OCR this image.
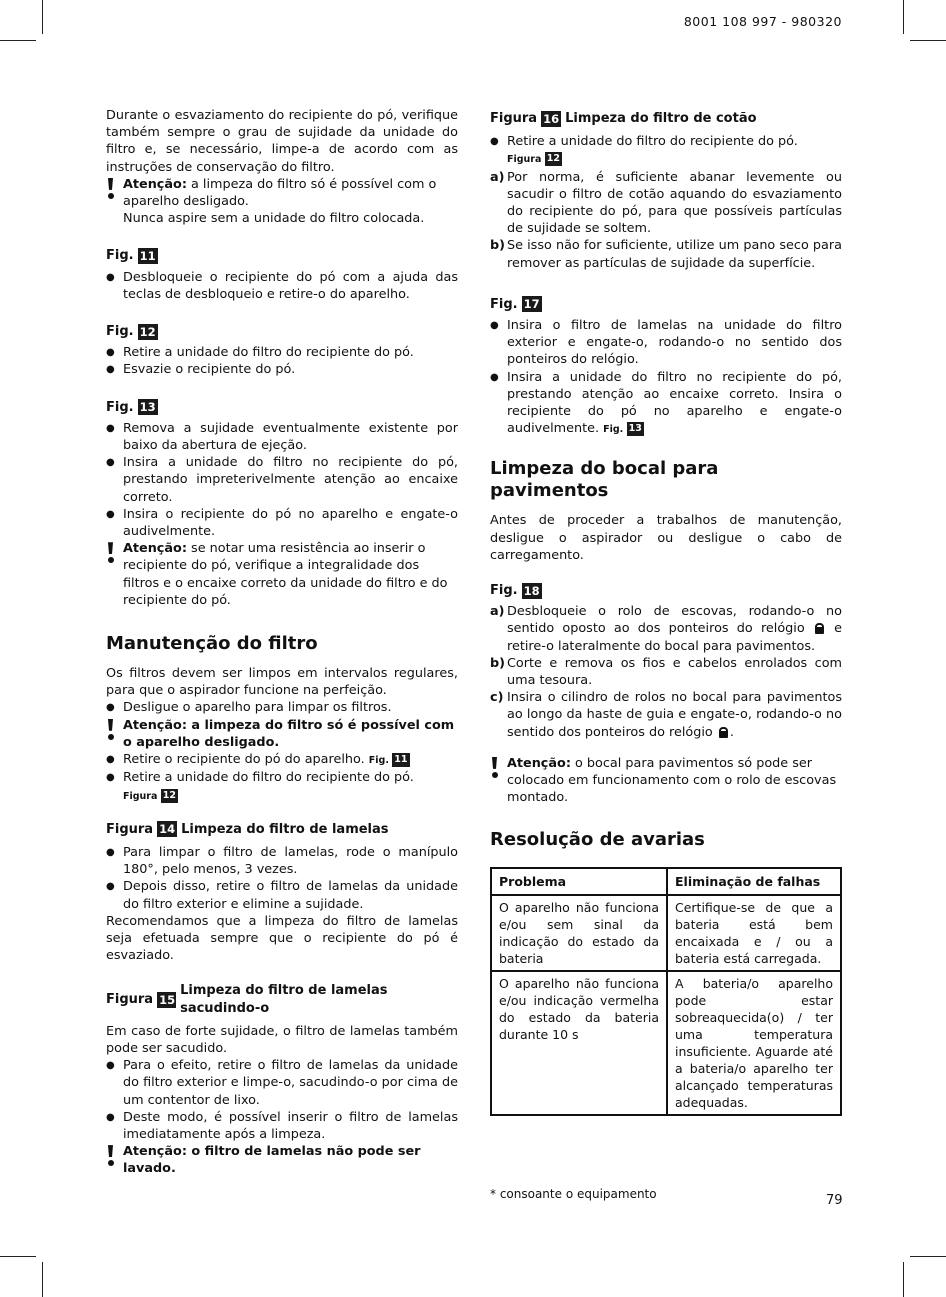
8001 108 997 - 980320

Durante o esvaziamento do recipiente do pó, verifique também sempre o grau de sujidade da unidade do filtro e, se necessário, limpe-a de acordo com as instruções de conservação do filtro.

Atenção: a limpeza do filtro só é possível com o aparelho desligado.

Nunca aspire sem a unidade do filtro colocada.

Fig. 11
● Desbloqueie o recipiente do pó com a ajuda das teclas de desbloqueio e retire-o do aparelho.
Fig. 12
● Retire a unidade do filtro do recipiente do pó.
● Esvazie o recipiente do pó.
Fig. 13
● Remova a sujidade eventualmente existente por baixo da abertura de ejeção.
● Insira a unidade do filtro no recipiente do pó, prestando impreterivelmente atenção ao encaixe correto.
● Insira o recipiente do pó no aparelho e engate-o audivelmente.

Atenção: se notar uma resistência ao inserir o recipiente do pó, verifique a integralidade dos filtros e o encaixe correto da unidade do filtro e do recipiente do pó.

Manutenção do filtro

Os filtros devem ser limpos em intervalos regulares, para que o aspirador funcione na perfeição.

● Desligue o aparelho para limpar os filtros.

Atenção: a limpeza do filtro só é possível com o aparelho desligado.

● Retire o recipiente do pó do aparelho. Fig. 11
● Retire a unidade do filtro do recipiente do pó.
Figura 12
Figura 14 Limpeza do filtro de lamelas
● Para limpar o filtro de lamelas, rode o manípulo 180°, pelo menos, 3 vezes.
● Depois disso, retire o filtro de lamelas da unidade do filtro exterior e elimine a sujidade.

Recomendamos que a limpeza do filtro de lamelas seja efetuada sempre que o recipiente do pó é esvaziado.

Figura 15
Limpeza do filtro de lamelas sacudindo-o

Em caso de forte sujidade, o filtro de lamelas também pode ser sacudido.

● Para o efeito, retire o filtro de lamelas da unidade do filtro exterior e limpe-o, sacudindo-o por cima de um contentor de lixo.
● Deste modo, é possível inserir o filtro de lamelas imediatamente após a limpeza.

Atenção: o filtro de lamelas não pode ser lavado.

Figura 16 Limpeza do filtro de cotão
● Retire a unidade do filtro do recipiente do pó.
Figura 12
a) Por norma, é suficiente abanar levemente ou sacudir o filtro de cotão aquando do esvaziamento do recipiente do pó, para que possíveis partículas de sujidade se soltem.
b) Se isso não for suficiente, utilize um pano seco para remover as partículas de sujidade da superfície.
Fig. 17
● Insira o filtro de lamelas na unidade do filtro exterior e engate-o, rodando-o no sentido dos ponteiros do relógio.
● Insira a unidade do filtro no recipiente do pó, prestando atenção ao encaixe correto. Insira o recipiente do pó no aparelho e engate-o audivelmente. Fig. 13
Limpeza do bocal para pavimentos

Antes de proceder a trabalhos de manutenção, desligue o aspirador ou desligue o cabo de carregamento.

Fig. 18
a) Desbloqueie o rolo de escovas, rodando-o no sentido oposto ao dos ponteiros do relógio e retire-o lateralmente do bocal para pavimentos.
b) Corte e remova os fios e cabelos enrolados com uma tesoura.
c) Insira o cilindro de rolos no bocal para pavimentos ao longo da haste de guia e engate-o, rodando-o no sentido dos ponteiros do relógio .

Atenção: o bocal para pavimentos só pode ser colocado em funcionamento com o rolo de escovas montado.

Resolução de avarias
Problema	Eliminação de falhas

O aparelho não funciona e/ou sem sinal da indicação do estado da bateria	Certifique-se de que a bateria está bem encaixada e / ou a bateria está carregada.

O aparelho não funciona e/ou indicação vermelha do estado da bateria durante 10 s	A bateria/o aparelho pode estar sobreaquecida(o) / ter uma temperatura insuficiente. Aguarde até a bateria/o aparelho ter alcançado temperaturas adequadas.

* consoante o equipamento	79
